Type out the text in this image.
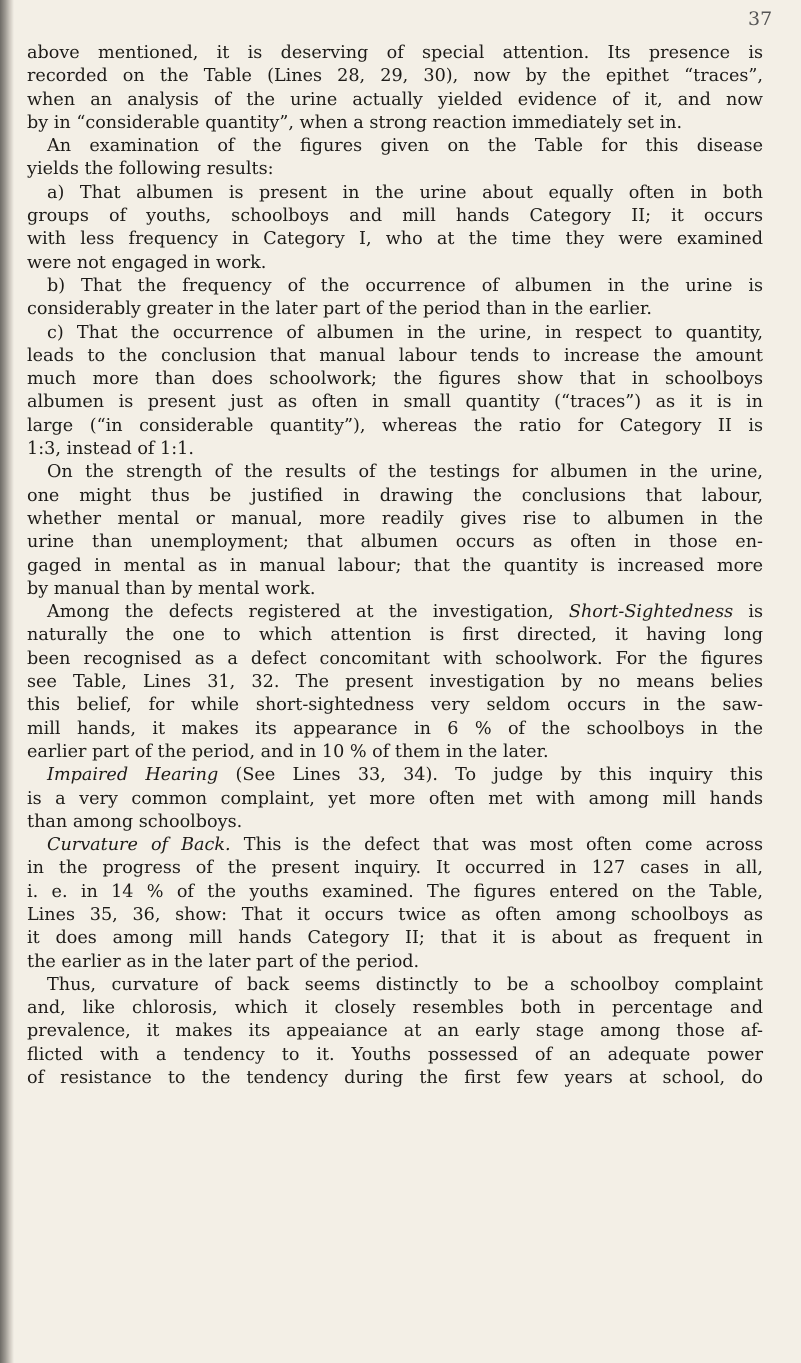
37
above mentioned, it is deserving of special attention. Its presence is
recorded on the Table (Lines 28, 29, 30), now by the epithet “traces”,
when an analysis of the urine actually yielded evidence of it, and now
by in “considerable quantity”, when a strong reaction immediately set in.
An examination of the figures given on the Table for this disease
yields the following results:
a) That albumen is present in the urine about equally often in both
groups of youths, schoolboys and mill hands Category II; it occurs
with less frequency in Category I, who at the time they were examined
were not engaged in work.
b) That the frequency of the occurrence of albumen in the urine is
considerably greater in the later part of the period than in the earlier.
c) That the occurrence of albumen in the urine, in respect to quantity,
leads to the conclusion that manual labour tends to increase the amount
much more than does schoolwork; the figures show that in schoolboys
albumen is present just as often in small quantity (“traces”) as it is in
large (“in considerable quantity”), whereas the ratio for Category II is
1:3, instead of 1:1.
On the strength of the results of the testings for albumen in the urine,
one might thus be justified in drawing the conclusions that labour,
whether mental or manual, more readily gives rise to albumen in the
urine than unemployment; that albumen occurs as often in those en-
gaged in mental as in manual labour; that the quantity is increased more
by manual than by mental work.
Among the defects registered at the investigation, Short-Sightedness is
naturally the one to which attention is first directed, it having long
been recognised as a defect concomitant with schoolwork. For the figures
see Table, Lines 31, 32. The present investigation by no means belies
this belief, for while short-sightedness very seldom occurs in the saw-
mill hands, it makes its appearance in 6 % of the schoolboys in the
earlier part of the period, and in 10 % of them in the later.
Impaired Hearing (See Lines 33, 34). To judge by this inquiry this
is a very common complaint, yet more often met with among mill hands
than among schoolboys.
Curvature of Back. This is the defect that was most often come across
in the progress of the present inquiry. It occurred in 127 cases in all,
i. e. in 14 % of the youths examined. The figures entered on the Table,
Lines 35, 36, show: That it occurs twice as often among schoolboys as
it does among mill hands Category II; that it is about as frequent in
the earlier as in the later part of the period.
Thus, curvature of back seems distinctly to be a schoolboy complaint
and, like chlorosis, which it closely resembles both in percentage and
prevalence, it makes its appeaiance at an early stage among those af-
flicted with a tendency to it. Youths possessed of an adequate power
of resistance to the tendency during the first few years at school, do
